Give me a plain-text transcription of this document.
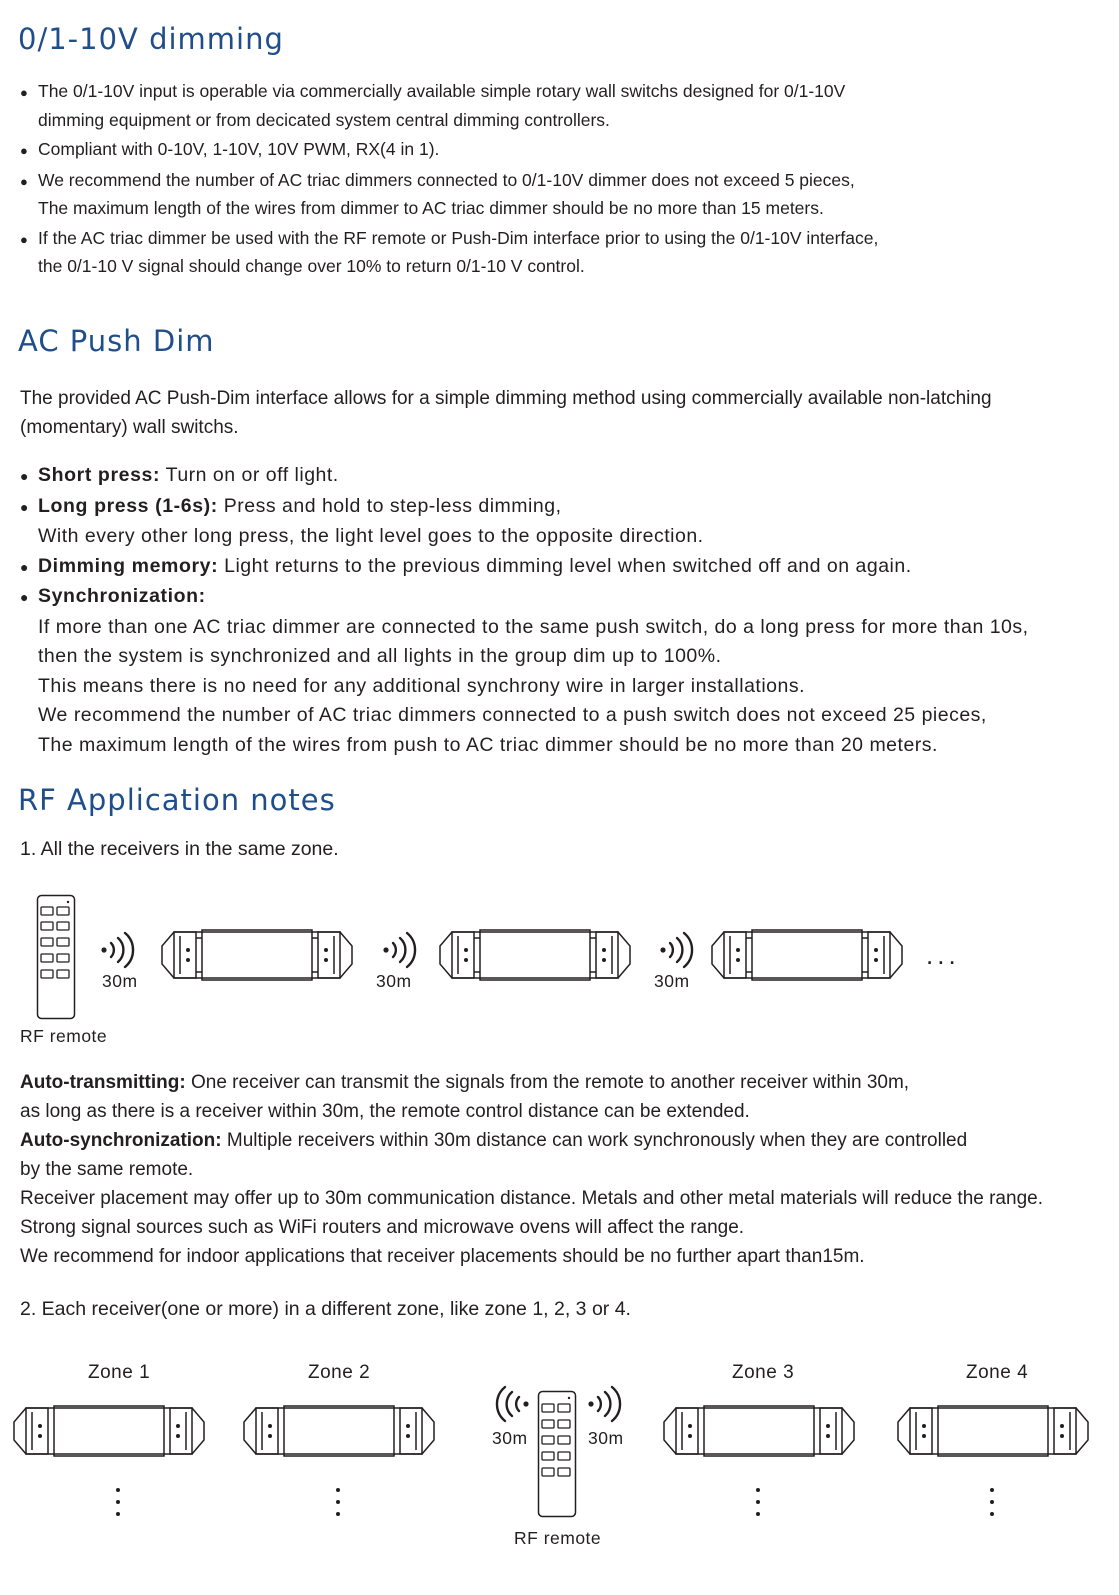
0/1-10V dimming
● The 0/1-10V input is operable via commercially available simple rotary wall switchs designed for 0/1-10V
dimming equipment or from decicated system central dimming controllers.
● Compliant with 0-10V, 1-10V, 10V PWM, RX(4 in 1).
● We recommend the number of AC triac dimmers connected to 0/1-10V dimmer does not exceed 5 pieces,
The maximum length of the wires from dimmer to AC triac dimmer should be no more than 15 meters.
● If the AC triac dimmer be used with the RF remote or Push-Dim interface prior to using the 0/1-10V interface,
the 0/1-10 V signal should change over 10% to return 0/1-10 V control.
AC Push Dim
The provided AC Push-Dim interface allows for a simple dimming method using commercially available non-latching
(momentary) wall switchs.
● Short press: Turn on or off light.
● Long press (1-6s): Press and hold to step-less dimming,
With every other long press, the light level goes to the opposite direction.
● Dimming memory: Light returns to the previous dimming level when switched off and on again.
● Synchronization:
If more than one AC triac dimmer are connected to the same push switch, do a long press for more than 10s,
then the system is synchronized and all lights in the group dim up to 100%.
This means there is no need for any additional synchrony wire in larger installations.
We recommend the number of AC triac dimmers connected to a push switch does not exceed 25 pieces,
The maximum length of the wires from push to AC triac dimmer should be no more than 20 meters.
RF Application notes
1. All the receivers in the same zone.
RF remote
30m	30m	30m
...
Auto-transmitting: One receiver can transmit the signals from the remote to another receiver within 30m,
as long as there is a receiver within 30m, the remote control distance can be extended.
Auto-synchronization: Multiple receivers within 30m distance can work synchronously when they are controlled
by the same remote.
Receiver placement may offer up to 30m communication distance. Metals and other metal materials will reduce the range.
Strong signal sources such as WiFi routers and microwave ovens will affect the range.
We recommend for indoor applications that receiver placements should be no further apart than15m.
2. Each receiver(one or more) in a different zone, like zone 1, 2, 3 or 4.
Zone 1	Zone 2	Zone 3	Zone 4
30m	30m
RF remote
